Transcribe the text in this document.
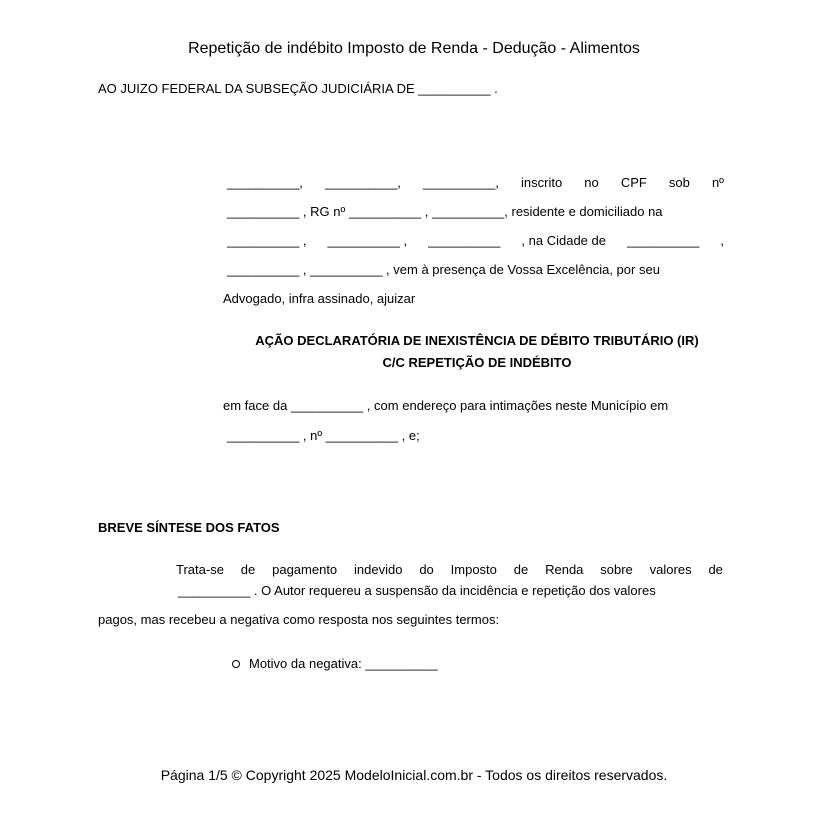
Repetição de indébito Imposto de Renda - Dedução - Alimentos
AO JUIZO FEDERAL DA SUBSEÇÃO JUDICIÁRIA DE __________ .
__________, __________, __________, inscrito no CPF sob nº
__________ , RG nº __________ , __________, residente e domiciliado na
__________ , __________ , __________ , na Cidade de __________ ,
__________ , __________ , vem à presença de Vossa Excelência, por seu
Advogado, infra assinado, ajuizar
AÇÃO DECLARATÓRIA DE INEXISTÊNCIA DE DÉBITO TRIBUTÁRIO (IR)
C/C REPETIÇÃO DE INDÉBITO
em face da __________ , com endereço para intimações neste Município em
__________ , nº __________ , e;
BREVE SÍNTESE DOS FATOS
Trata-se de pagamento indevido do Imposto de Renda sobre valores de
__________ . O Autor requereu a suspensão da incidência e repetição dos valores
pagos, mas recebeu a negativa como resposta nos seguintes termos:
Motivo da negativa: __________
Página 1/5 © Copyright 2025 ModeloInicial.com.br - Todos os direitos reservados.
